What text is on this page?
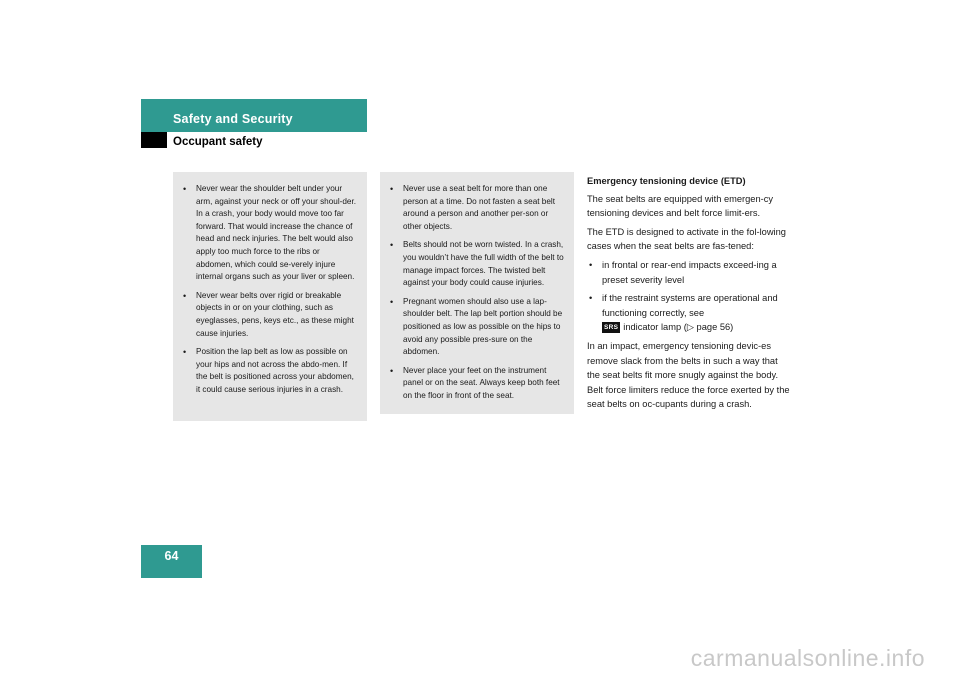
Safety and Security
Occupant safety
• Never wear the shoulder belt under your arm, against your neck or off your shoul-der. In a crash, your body would move too far forward. That would increase the chance of head and neck injuries. The belt would also apply too much force to the ribs or abdomen, which could se-verely injure internal organs such as your liver or spleen.
• Never wear belts over rigid or breakable objects in or on your clothing, such as eyeglasses, pens, keys etc., as these might cause injuries.
• Position the lap belt as low as possible on your hips and not across the abdo-men. If the belt is positioned across your abdomen, it could cause serious injuries in a crash.
• Never use a seat belt for more than one person at a time. Do not fasten a seat belt around a person and another per-son or other objects.
• Belts should not be worn twisted. In a crash, you wouldn’t have the full width of the belt to manage impact forces. The twisted belt against your body could cause injuries.
• Pregnant women should also use a lap-shoulder belt. The lap belt portion should be positioned as low as possible on the hips to avoid any possible pres-sure on the abdomen.
• Never place your feet on the instrument panel or on the seat. Always keep both feet on the floor in front of the seat.

Emergency tensioning device (ETD)

The seat belts are equipped with emergen-cy tensioning devices and belt force limit-ers.

The ETD is designed to activate in the fol-lowing cases when the seat belts are fas-tened:

• in frontal or rear-end impacts exceed-ing a preset severity level
• if the restraint systems are operational and functioning correctly, see
SRS indicator lamp (▷ page 56)

In an impact, emergency tensioning devic-es remove slack from the belts in such a way that the seat belts fit more snugly against the body. Belt force limiters reduce the force exerted by the seat belts on oc-cupants during a crash.

64
carmanualsonline.info
